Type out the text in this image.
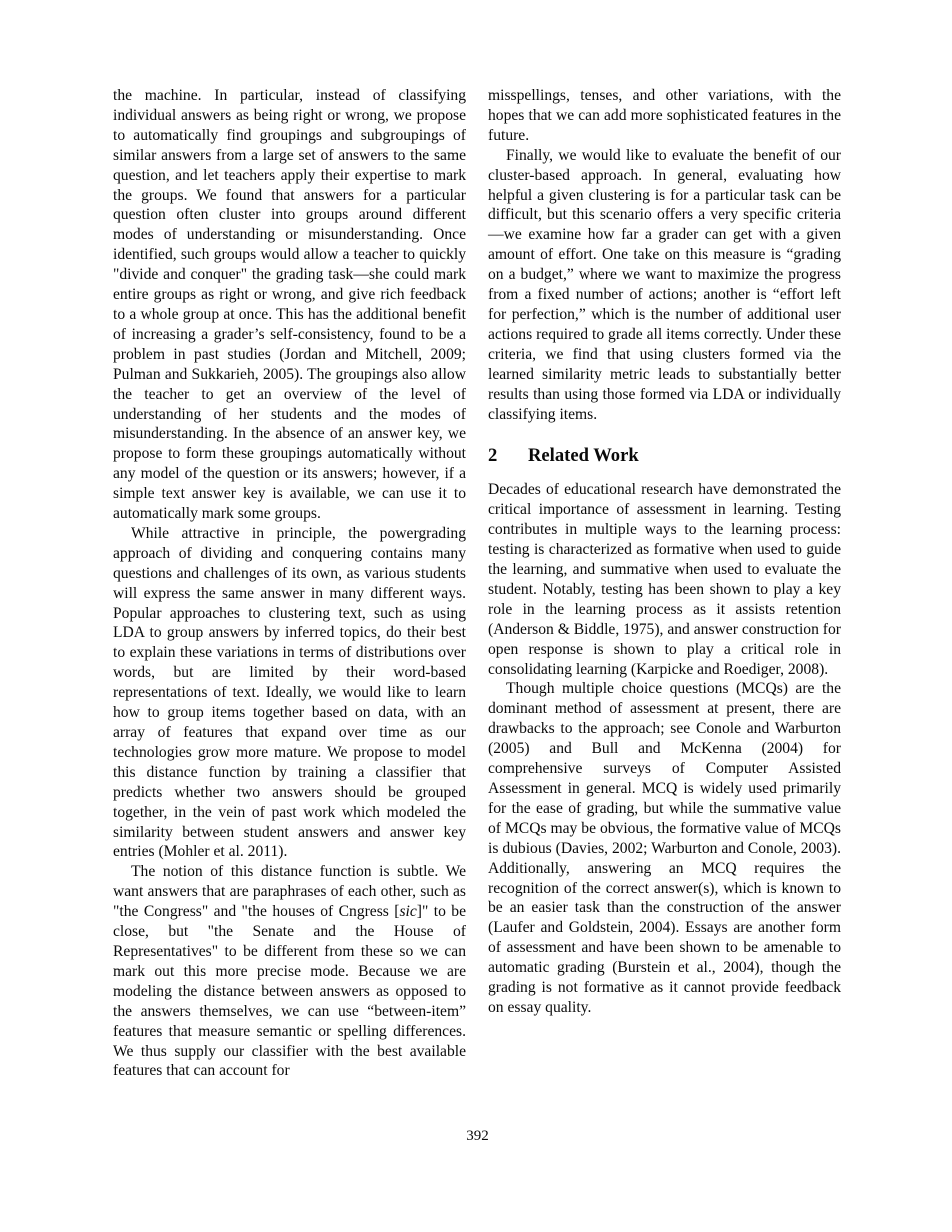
the machine. In particular, instead of classifying individual answers as being right or wrong, we propose to automatically find groupings and subgroupings of similar answers from a large set of answers to the same question, and let teachers apply their expertise to mark the groups. We found that answers for a particular question often cluster into groups around different modes of understanding or misunderstanding. Once identified, such groups would allow a teacher to quickly "divide and conquer" the grading task—she could mark entire groups as right or wrong, and give rich feedback to a whole group at once. This has the additional benefit of increasing a grader’s self-consistency, found to be a problem in past studies (Jordan and Mitchell, 2009; Pulman and Sukkarieh, 2005). The groupings also allow the teacher to get an overview of the level of understanding of her students and the modes of misunderstanding. In the absence of an answer key, we propose to form these groupings automatically without any model of the question or its answers; however, if a simple text answer key is available, we can use it to automatically mark some groups.

While attractive in principle, the powergrading approach of dividing and conquering contains many questions and challenges of its own, as various students will express the same answer in many different ways. Popular approaches to clustering text, such as using LDA to group answers by inferred topics, do their best to explain these variations in terms of distributions over words, but are limited by their word-based representations of text. Ideally, we would like to learn how to group items together based on data, with an array of features that expand over time as our technologies grow more mature. We propose to model this distance function by training a classifier that predicts whether two answers should be grouped together, in the vein of past work which modeled the similarity between student answers and answer key entries (Mohler et al. 2011).

The notion of this distance function is subtle. We want answers that are paraphrases of each other, such as "the Congress" and "the houses of Cngress [sic]" to be close, but "the Senate and the House of Representatives" to be different from these so we can mark out this more precise mode. Because we are modeling the distance between answers as opposed to the answers themselves, we can use “between-item” features that measure semantic or spelling differences. We thus supply our classifier with the best available features that can account for

misspellings, tenses, and other variations, with the hopes that we can add more sophisticated features in the future.

Finally, we would like to evaluate the benefit of our cluster-based approach. In general, evaluating how helpful a given clustering is for a particular task can be difficult, but this scenario offers a very specific criteria—we examine how far a grader can get with a given amount of effort. One take on this measure is “grading on a budget,” where we want to maximize the progress from a fixed number of actions; another is “effort left for perfection,” which is the number of additional user actions required to grade all items correctly. Under these criteria, we find that using clusters formed via the learned similarity metric leads to substantially better results than using those formed via LDA or individually classifying items.

2 Related Work

Decades of educational research have demonstrated the critical importance of assessment in learning. Testing contributes in multiple ways to the learning process: testing is characterized as formative when used to guide the learning, and summative when used to evaluate the student. Notably, testing has been shown to play a key role in the learning process as it assists retention (Anderson & Biddle, 1975), and answer construction for open response is shown to play a critical role in consolidating learning (Karpicke and Roediger, 2008).

Though multiple choice questions (MCQs) are the dominant method of assessment at present, there are drawbacks to the approach; see Conole and Warburton (2005) and Bull and McKenna (2004) for comprehensive surveys of Computer Assisted Assessment in general. MCQ is widely used primarily for the ease of grading, but while the summative value of MCQs may be obvious, the formative value of MCQs is dubious (Davies, 2002; Warburton and Conole, 2003). Additionally, answering an MCQ requires the recognition of the correct answer(s), which is known to be an easier task than the construction of the answer (Laufer and Goldstein, 2004). Essays are another form of assessment and have been shown to be amenable to automatic grading (Burstein et al., 2004), though the grading is not formative as it cannot provide feedback on essay quality.

392
